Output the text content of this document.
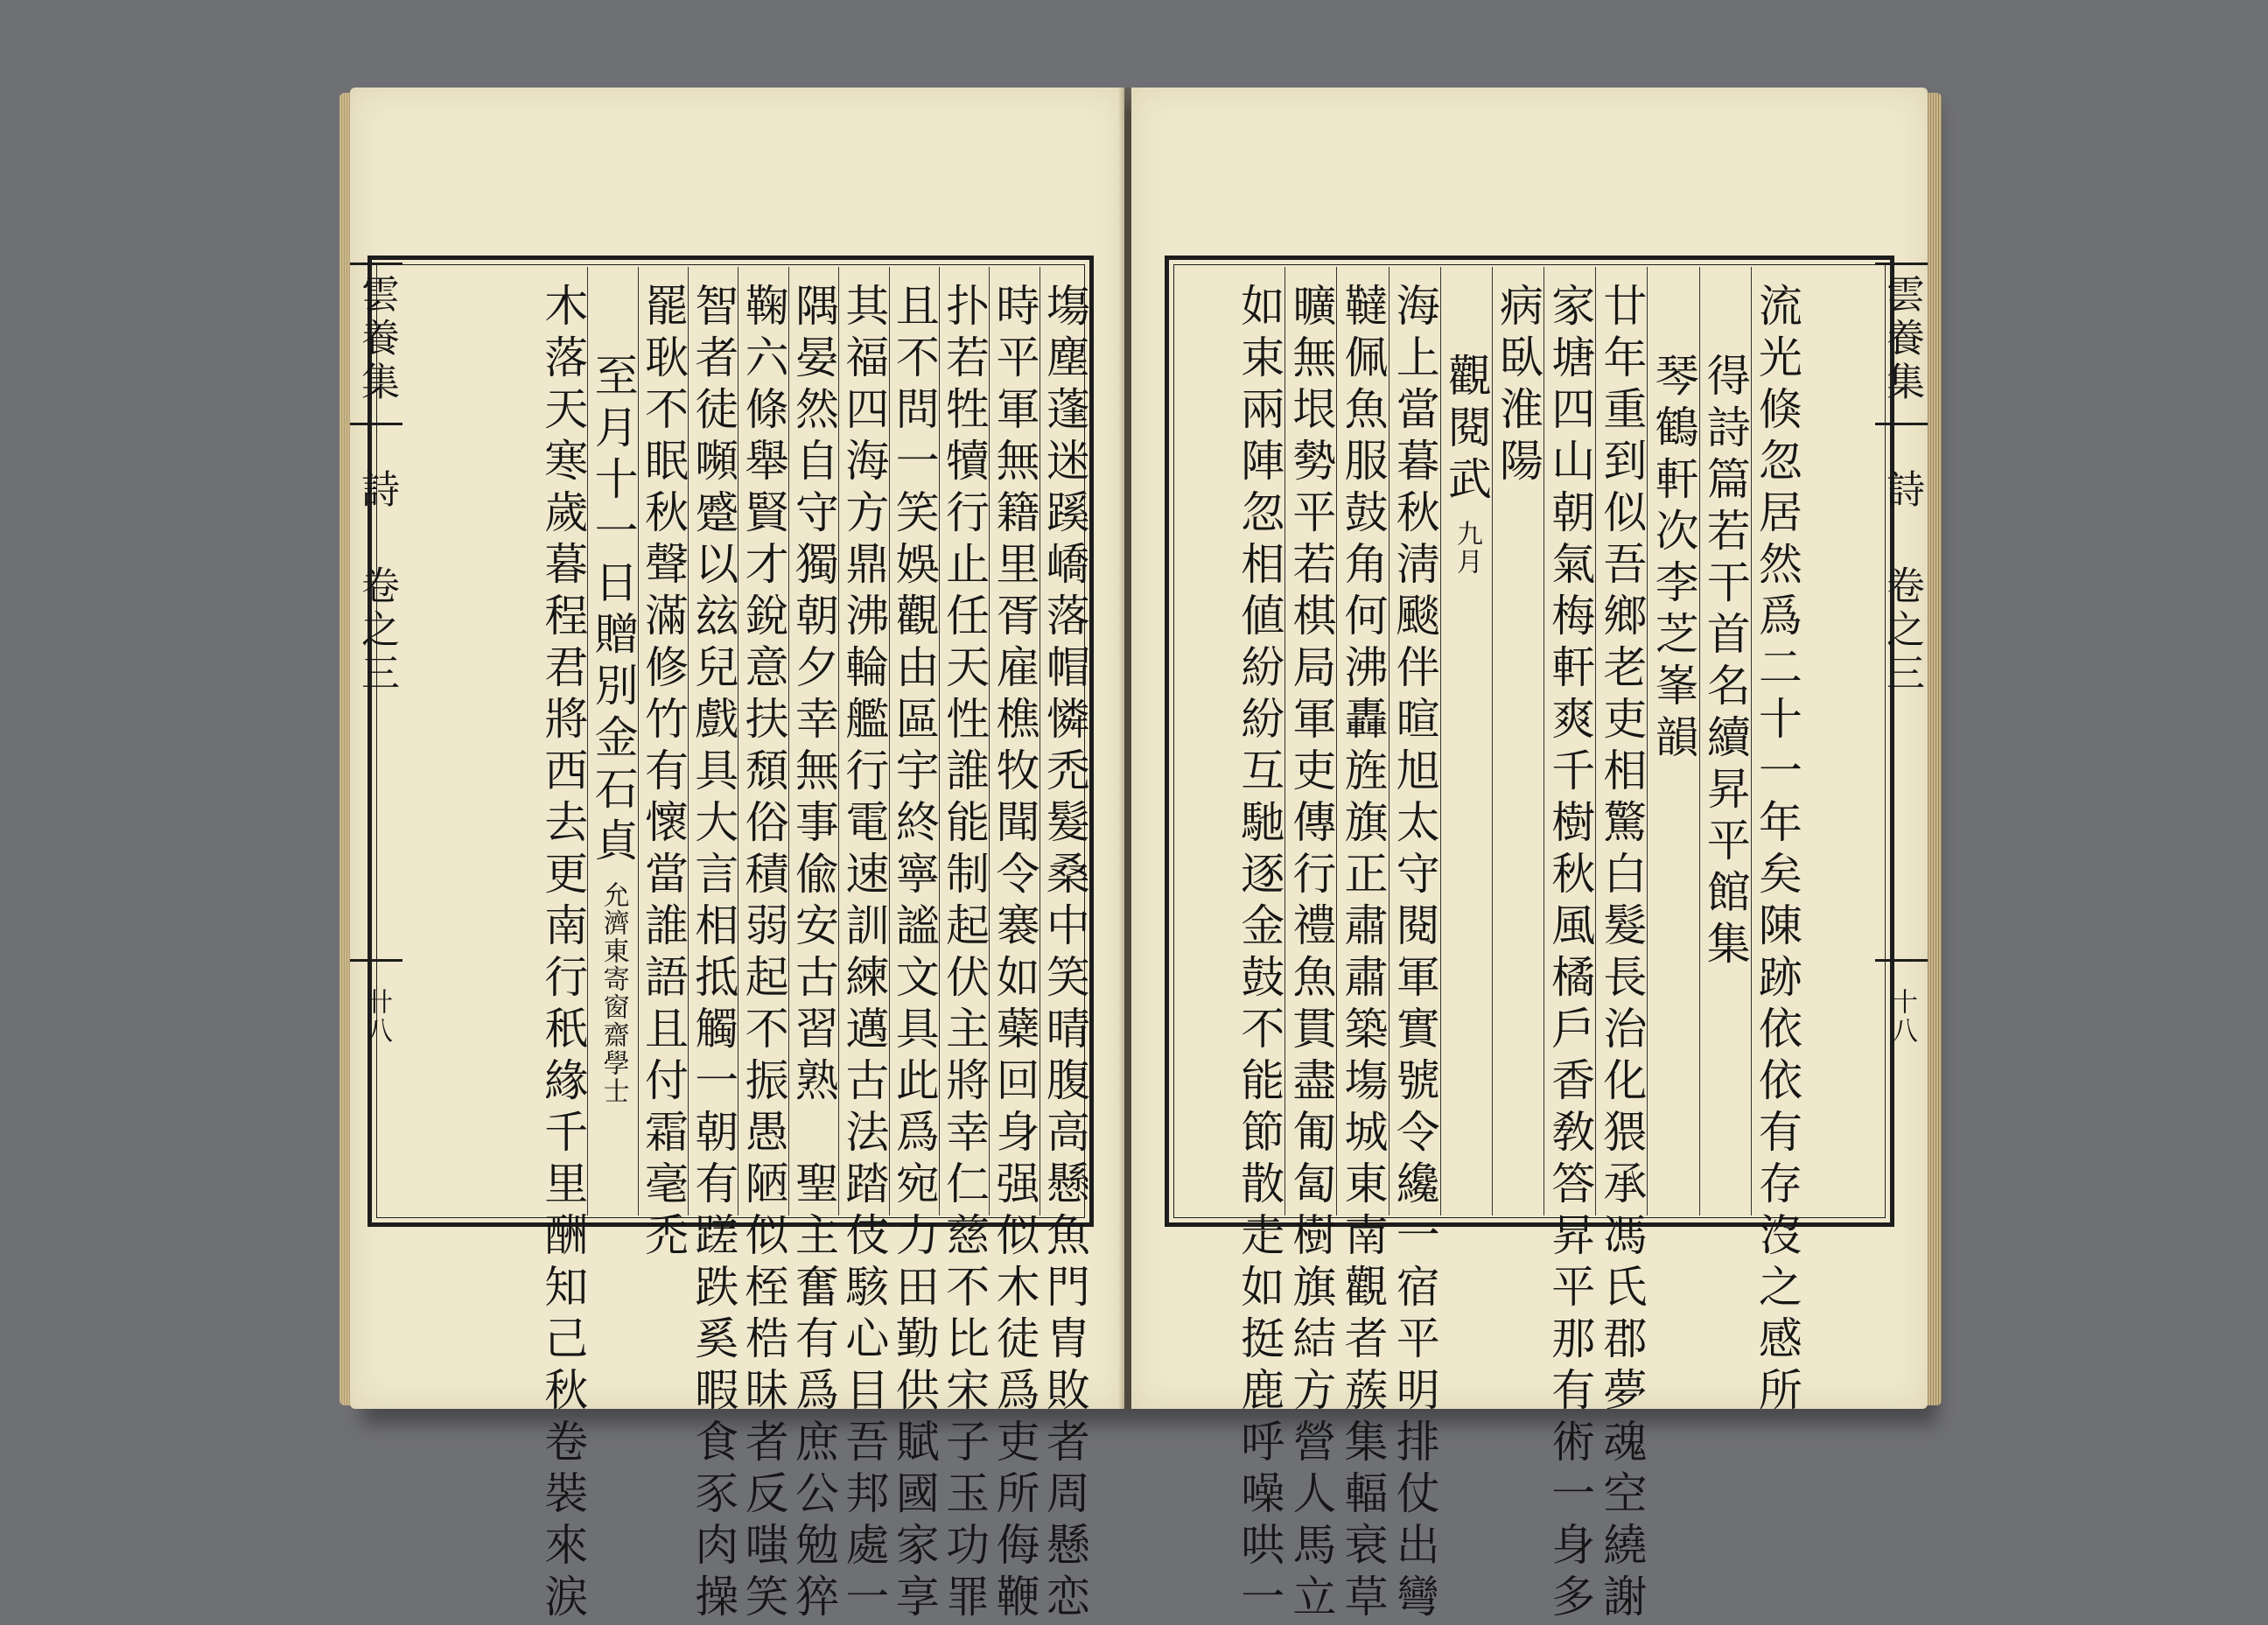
塲塵蓬迷蹊嶠落帽憐禿髮桑中笑晴腹高懸魚門胄敗者周懸恋
時平軍無籍里胥雇樵牧聞令褰如蘗回身强似木徒爲吏所侮鞭
扑若牲犢行止任天性誰能制起伏主將幸仁慈不比宋子玉功罪
且不問一笑娛觀由區宇終寧謐文具此爲宛力田勤供賦國家享
其福四海方鼎沸輪艦行電速訓練邁古法踏伎駭心目吾邦處一
隅晏然自守獨朝夕幸無事偸安古習熟　聖主奮有爲庶公勉猝
鞠六條舉賢才銳意扶頹俗積弱起不振愚陋似桎梏昧者反嗤笑
智者徒嚬蹙以玆兒戲具大言相抵觸一朝有蹉跌奚暇食豕肉操
罷耿不眠秋聲滿修竹有懷當誰語且付霜毫禿
至月十一日贈別金石貞
允濟東寄窗齋學士
木落天寒歲暮程君將西去更南行秖緣千里酬知己秋卷裝來涙
雲養集
詩
卷之三
卄八	流光倏忽居然爲二十一年矣陳跡依依有存沒之感所
得詩篇若干首名續昇平館集
琴鶴軒次李芝峯韻
廿年重到似吾鄉老吏相驚白髮長治化猥承馮氏郡夢魂空繞謝
家塘四山朝氣梅軒爽千樹秋風橘戶香敎答昇平那有術一身多
病臥淮陽
觀閱武
九月
海上當暮秋淸颷伴暄旭太守閱軍實號令纔一宿平明排仗出彎
韃佩魚服鼓角何沸轟旌旗正肅肅築塲城東南觀者蔟集輻衰草
曠無垠勢平若棋局軍吏傳行禮魚貫盡匍匐樹旗結方營人馬立
如束兩陣忽相値紛紛互馳逐金鼓不能節散走如挺鹿呼噪哄一	雲養集
詩
卷之三
十八
